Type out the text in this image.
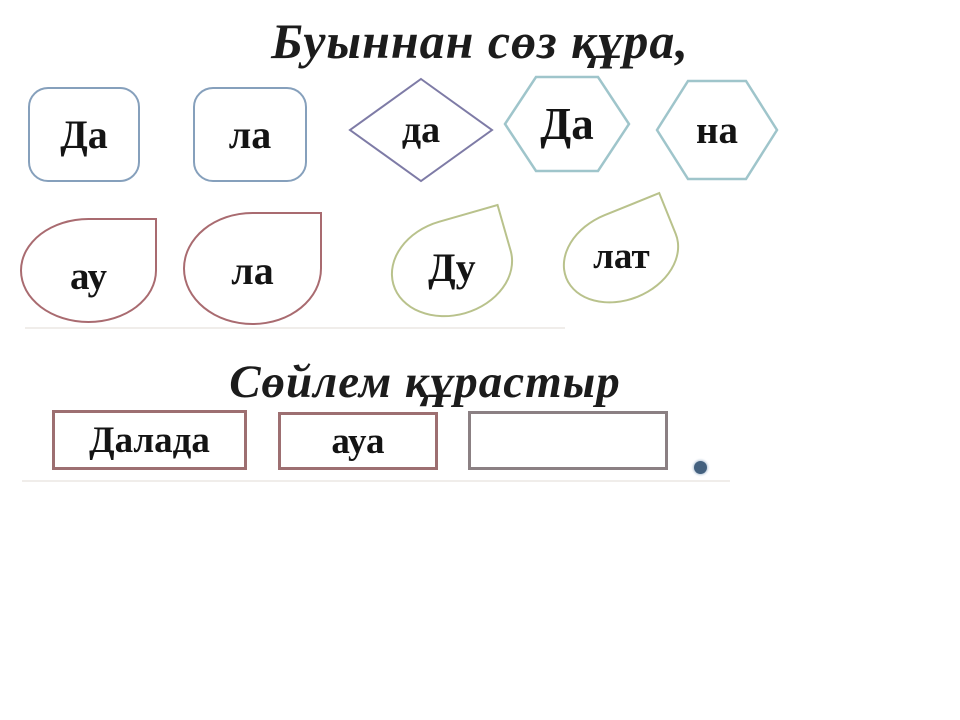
Буыннан сөз құра,
Да	ла	да	Да	на
ау	ла	Ду	лат
Сөйлем құрастыр
Далада	ауа
